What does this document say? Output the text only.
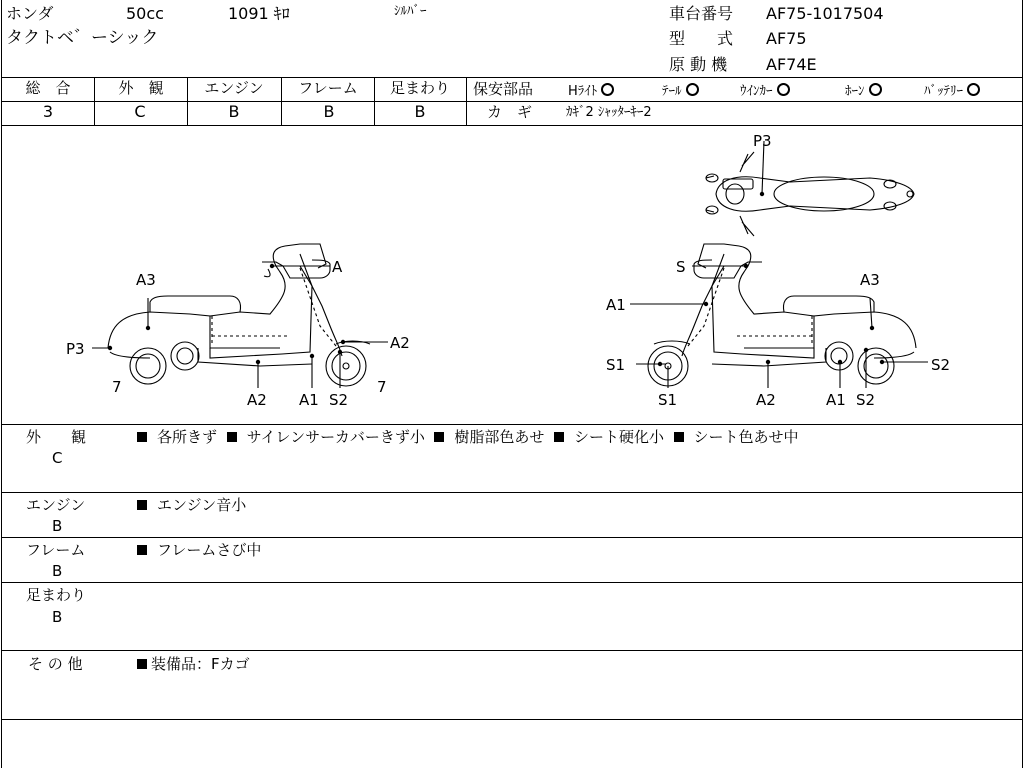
ホンダ	50cc	1091 ｷﾛ	ｼﾙﾊﾞｰ
タクトベ゛ーシック
車台番号 AF75-1017504
型　　式 AF75
原 動 機 AF74E
総　合	外　観	エンジン	フレーム	足まわり
3	C	B	B	B
保安部品	Hﾗｲﾄ	ﾃｰﾙ	ｳｲﾝｶｰ	ﾎｰﾝ	ﾊﾞｯﾃﾘｰ
カ　ギ	ｶｷﾞ2 ｼｬｯﾀｰｷｰ2
P3
A
A3
P3	A2
7
A2 A1 S2
7
S
A1
A3
S1
S1	A2	A1 S2
S2
外　　観
C
各所きず サイレンサーカバーきず小 樹脂部色あせ シート硬化小 シート色あせ中
エンジン
B
エンジン音小
フレーム
B
フレームさび中
足まわり
B
そ の 他	装備品：Fカゴ
